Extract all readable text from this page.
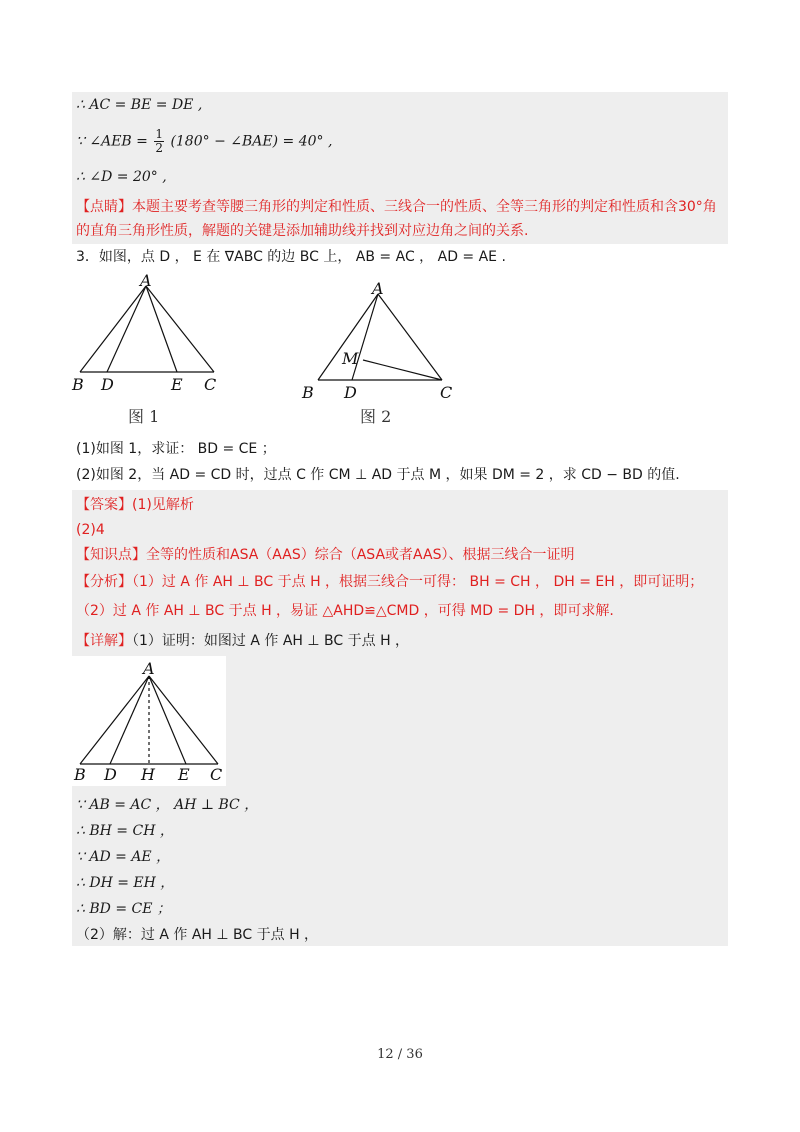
∴ AC = BE = DE ,
∵ ∠AEB = $\frac{1}{2} (180^\circ$ − ∠BAE) = 40° ,
∴ ∠D = 20° ,
【点睛】本题主要考查等腰三角形的判定和性质、三线合一的性质、全等三角形的判定和性质和含30°角
的直角三角形性质，解题的关键是添加辅助线并找到对应边角之间的关系.
3．如图，点 D ， E 在 ∇ABC 的边 BC 上， AB = AC ， AD = AE .
A
B D	E C
图 1
A
M
B D	C
图 2
(1)如图 1，求证： BD = CE ；
(2)如图 2，当 AD = CD 时，过点 C 作 CM ⊥ AD 于点 M ，如果 DM = 2 ，求 CD − BD 的值.
【答案】(1)见解析
(2)4
【知识点】全等的性质和ASA（AAS）综合（ASA或者AAS）、根据三线合一证明
【分析】（1）过 A 作 AH ⊥ BC 于点 H ，根据三线合一可得： BH = CH ， DH = EH ，即可证明；
（2）过 A 作 AH ⊥ BC 于点 H ，易证 △AHD≌△CMD ，可得 MD = DH ，即可求解.
【详解】（1）证明：如图过 A 作 AH ⊥ BC 于点 H ，
A
B D H E C
∵ AB = AC ， AH ⊥ BC ，
∴ BH = CH ，
∵ AD = AE ，
∴ DH = EH ，
∴ BD = CE ；
（2）解：过 A 作 AH ⊥ BC 于点 H ，
12 / 36
